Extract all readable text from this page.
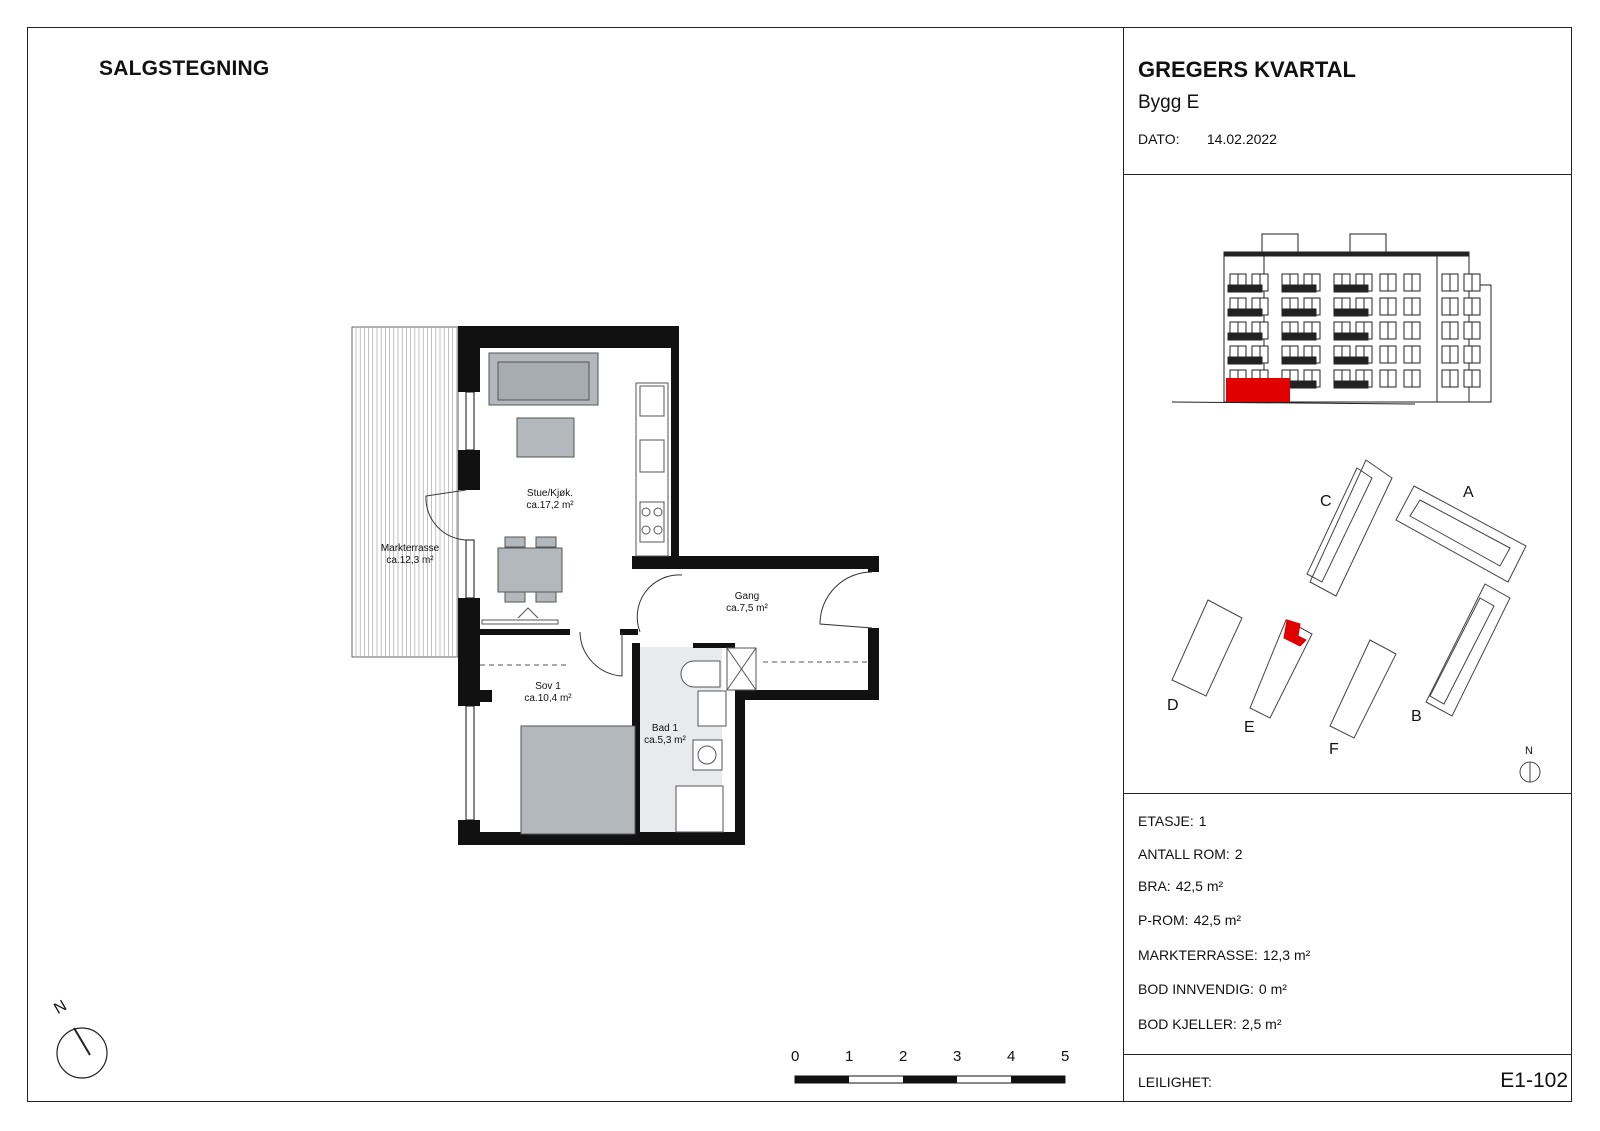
SALGSTEGNING	GREGERS KVARTAL
Bygg E
DATO: 14.02.2022
N
Stue/Kjøk.
ca.17,2 m²
Gang
ca.7,5 m²
Sov 1
ca.10,4 m²
Bad 1
ca.5,3 m²
Markterrasse
ca.12,3 m²
A
B
C
D
E
F	N
0	1	2	3	4	5
ETASJE: 1
ANTALL ROM: 2
BRA: 42,5 m²
P-ROM: 42,5 m²
MARKTERRASSE: 12,3 m²
BOD INNVENDIG: 0 m²
BOD KJELLER: 2,5 m²
LEILIGHET:	E1-102
